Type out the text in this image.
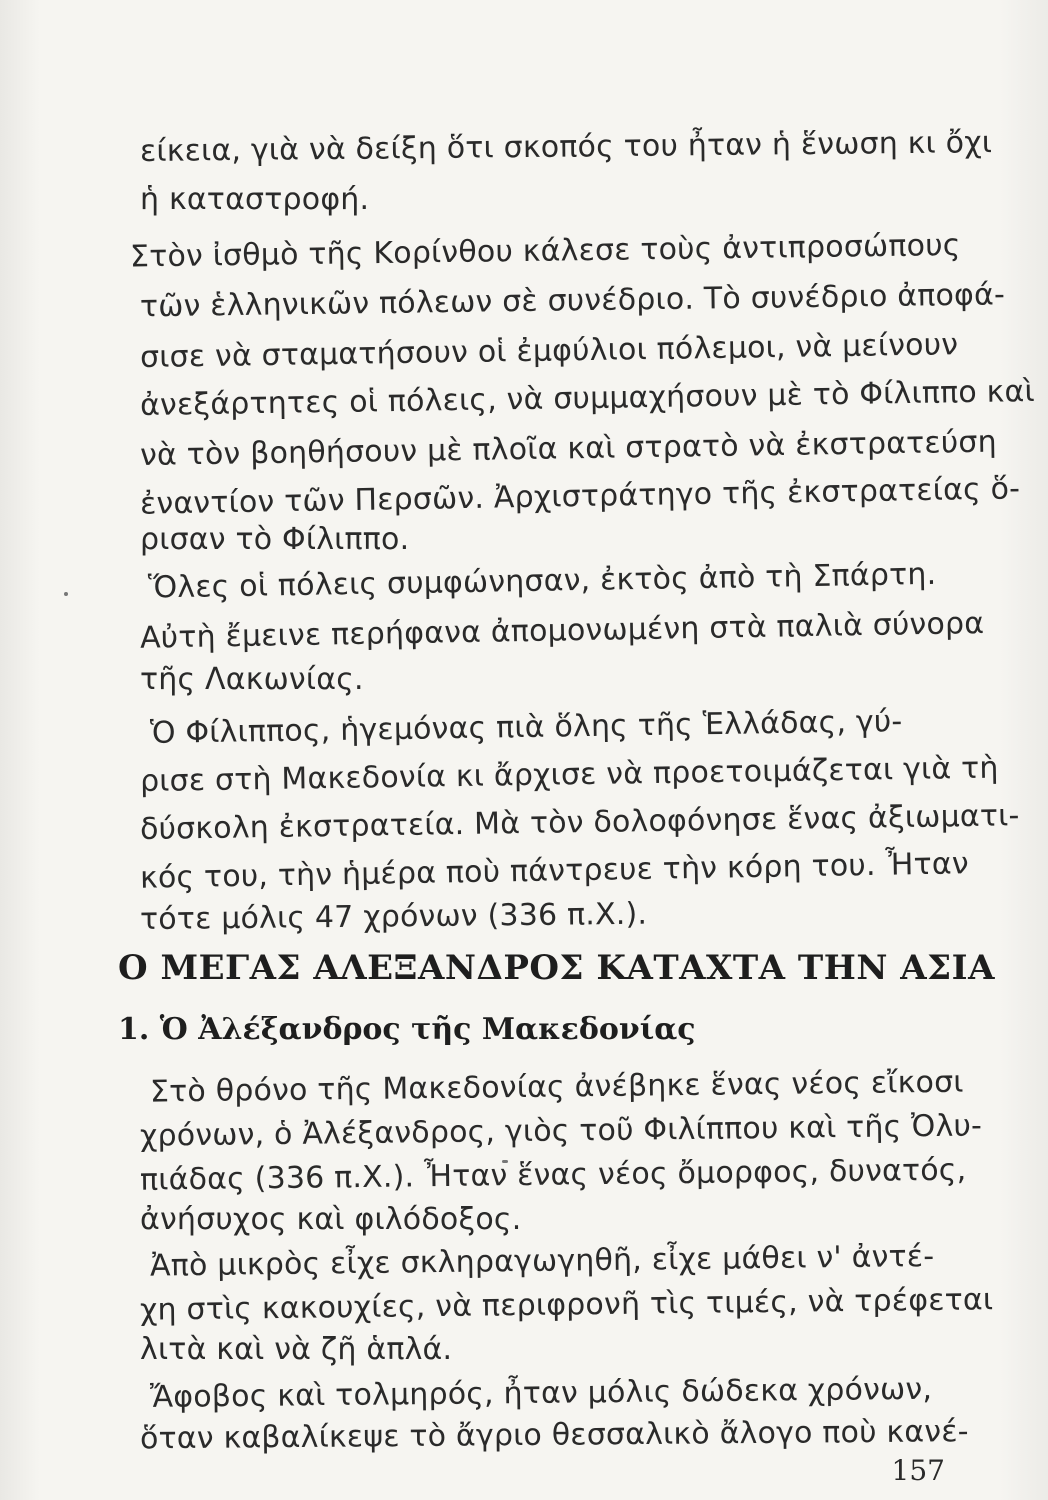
είκεια, γιὰ νὰ δείξη ὅτι σκοπός του ἦταν ἡ ἕνωση κι ὄχι
ἡ καταστροφή.
Στὸν ἰσθμὸ τῆς Κορίνθου κάλεσε τοὺς ἀντιπροσώπους
τῶν ἑλληνικῶν πόλεων σὲ συνέδριο. Τὸ συνέδριο ἀποφά-
σισε νὰ σταματήσουν οἱ ἐμφύλιοι πόλεμοι, νὰ μείνουν
ἀνεξάρτητες οἱ πόλεις, νὰ συμμαχήσουν μὲ τὸ Φίλιππο καὶ
νὰ τὸν βοηθήσουν μὲ πλοῖα καὶ στρατὸ νὰ ἐκστρατεύση
ἐναντίον τῶν Περσῶν. Ἀρχιστράτηγο τῆς ἐκστρατείας ὅ-
ρισαν τὸ Φίλιππο.
Ὅλες οἱ πόλεις συμφώνησαν, ἐκτὸς ἀπὸ τὴ Σπάρτη.
Αὐτὴ ἔμεινε περήφανα ἀπομονωμένη στὰ παλιὰ σύνορα
τῆς Λακωνίας.
Ὁ Φίλιππος, ἡγεμόνας πιὰ ὅλης τῆς Ἑλλάδας, γύ-
ρισε στὴ Μακεδονία κι ἄρχισε νὰ προετοιμάζεται γιὰ τὴ
δύσκολη ἐκστρατεία. Μὰ τὸν δολοφόνησε ἕνας ἀξιωματι-
κός του, τὴν ἡμέρα ποὺ πάντρευε τὴν κόρη του. Ἦταν
τότε μόλις 47 χρόνων (336 π.Χ.).
Ο ΜΕΓΑΣ ΑΛΕΞΑΝΔΡΟΣ ΚΑΤΑΧΤΑ ΤΗΝ ΑΣΙΑ
1. Ὁ Ἀλέξανδρος τῆς Μακεδονίας
Στὸ θρόνο τῆς Μακεδονίας ἀνέβηκε ἕνας νέος εἴκοσι
χρόνων, ὁ Ἀλέξανδρος, γιὸς τοῦ Φιλίππου καὶ τῆς Ὀλυ-
πιάδας (336 π.Χ.). Ἦταν ἕνας νέος ὄμορφος, δυνατός,
ἀνήσυχος καὶ φιλόδοξος.
Ἀπὸ μικρὸς εἶχε σκληραγωγηθῆ, εἶχε μάθει ν' ἀντέ-
χη στὶς κακουχίες, νὰ περιφρονῆ τὶς τιμές, νὰ τρέφεται
λιτὰ καὶ νὰ ζῆ ἁπλά.
Ἄφοβος καὶ τολμηρός, ἦταν μόλις δώδεκα χρόνων,
ὅταν καβαλίκεψε τὸ ἄγριο θεσσαλικὸ ἄλογο ποὺ κανέ-
157
